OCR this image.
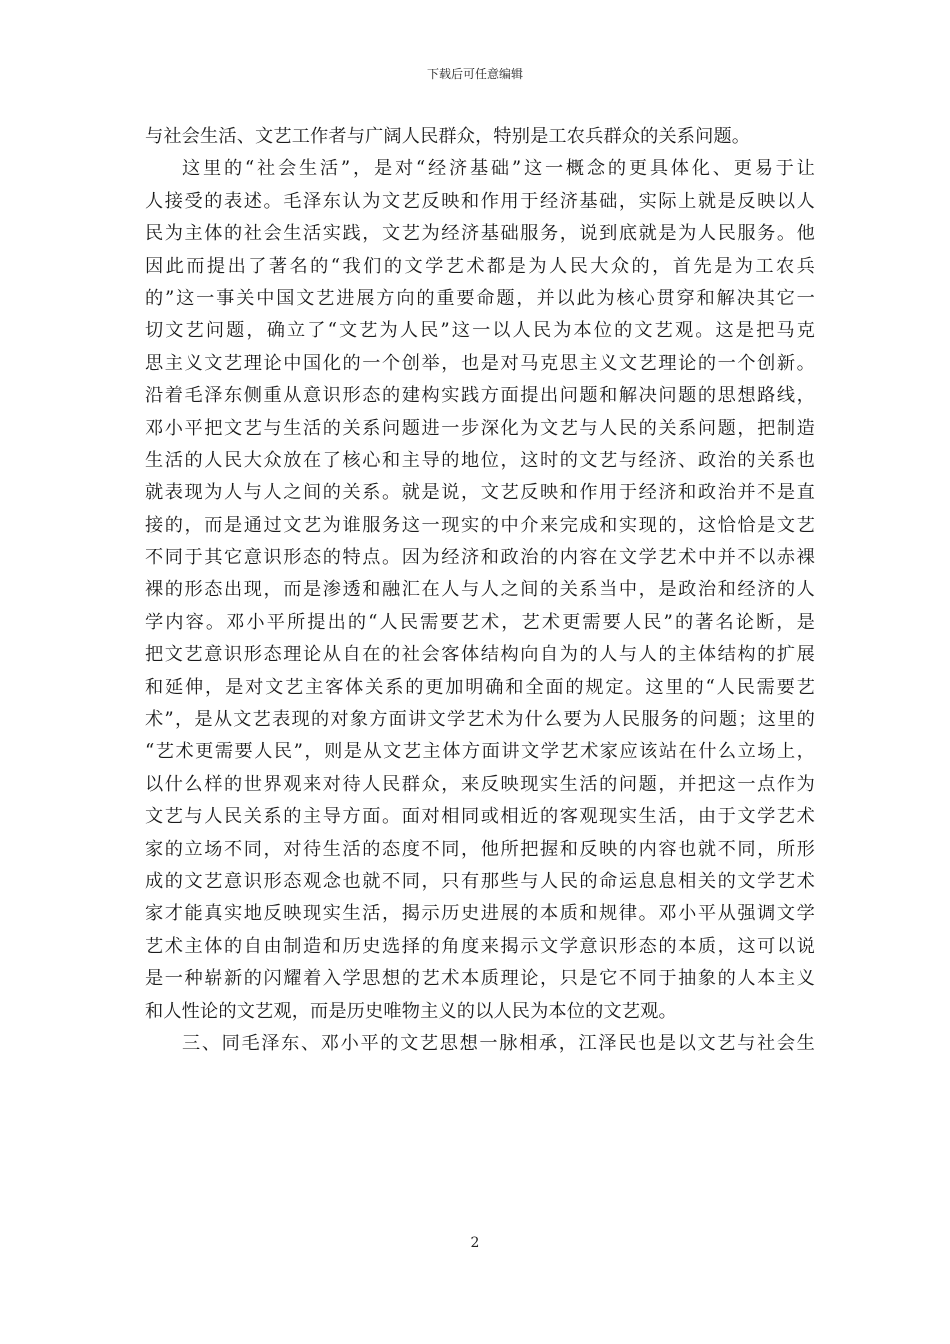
下载后可任意编辑
与社会生活、文艺工作者与广阔人民群众，特别是工农兵群众的关系问题。
这里的“社会生活”，是对“经济基础”这一概念的更具体化、更易于让
人接受的表述。毛泽东认为文艺反映和作用于经济基础，实际上就是反映以人
民为主体的社会生活实践，文艺为经济基础服务，说到底就是为人民服务。他
因此而提出了著名的“我们的文学艺术都是为人民大众的，首先是为工农兵
的”这一事关中国文艺进展方向的重要命题，并以此为核心贯穿和解决其它一
切文艺问题，确立了“文艺为人民”这一以人民为本位的文艺观。这是把马克
思主义文艺理论中国化的一个创举，也是对马克思主义文艺理论的一个创新。
沿着毛泽东侧重从意识形态的建构实践方面提出问题和解决问题的思想路线，
邓小平把文艺与生活的关系问题进一步深化为文艺与人民的关系问题，把制造
生活的人民大众放在了核心和主导的地位，这时的文艺与经济、政治的关系也
就表现为人与人之间的关系。就是说，文艺反映和作用于经济和政治并不是直
接的，而是通过文艺为谁服务这一现实的中介来完成和实现的，这恰恰是文艺
不同于其它意识形态的特点。因为经济和政治的内容在文学艺术中并不以赤裸
裸的形态出现，而是渗透和融汇在人与人之间的关系当中，是政治和经济的人
学内容。邓小平所提出的“人民需要艺术，艺术更需要人民”的著名论断，是
把文艺意识形态理论从自在的社会客体结构向自为的人与人的主体结构的扩展
和延伸，是对文艺主客体关系的更加明确和全面的规定。这里的“人民需要艺
术”，是从文艺表现的对象方面讲文学艺术为什么要为人民服务的问题；这里的
“艺术更需要人民”，则是从文艺主体方面讲文学艺术家应该站在什么立场上，
以什么样的世界观来对待人民群众，来反映现实生活的问题，并把这一点作为
文艺与人民关系的主导方面。面对相同或相近的客观现实生活，由于文学艺术
家的立场不同，对待生活的态度不同，他所把握和反映的内容也就不同，所形
成的文艺意识形态观念也就不同，只有那些与人民的命运息息相关的文学艺术
家才能真实地反映现实生活，揭示历史进展的本质和规律。邓小平从强调文学
艺术主体的自由制造和历史选择的角度来揭示文学意识形态的本质，这可以说
是一种崭新的闪耀着入学思想的艺术本质理论，只是它不同于抽象的人本主义
和人性论的文艺观，而是历史唯物主义的以人民为本位的文艺观。
三、同毛泽东、邓小平的文艺思想一脉相承，江泽民也是以文艺与社会生
2
